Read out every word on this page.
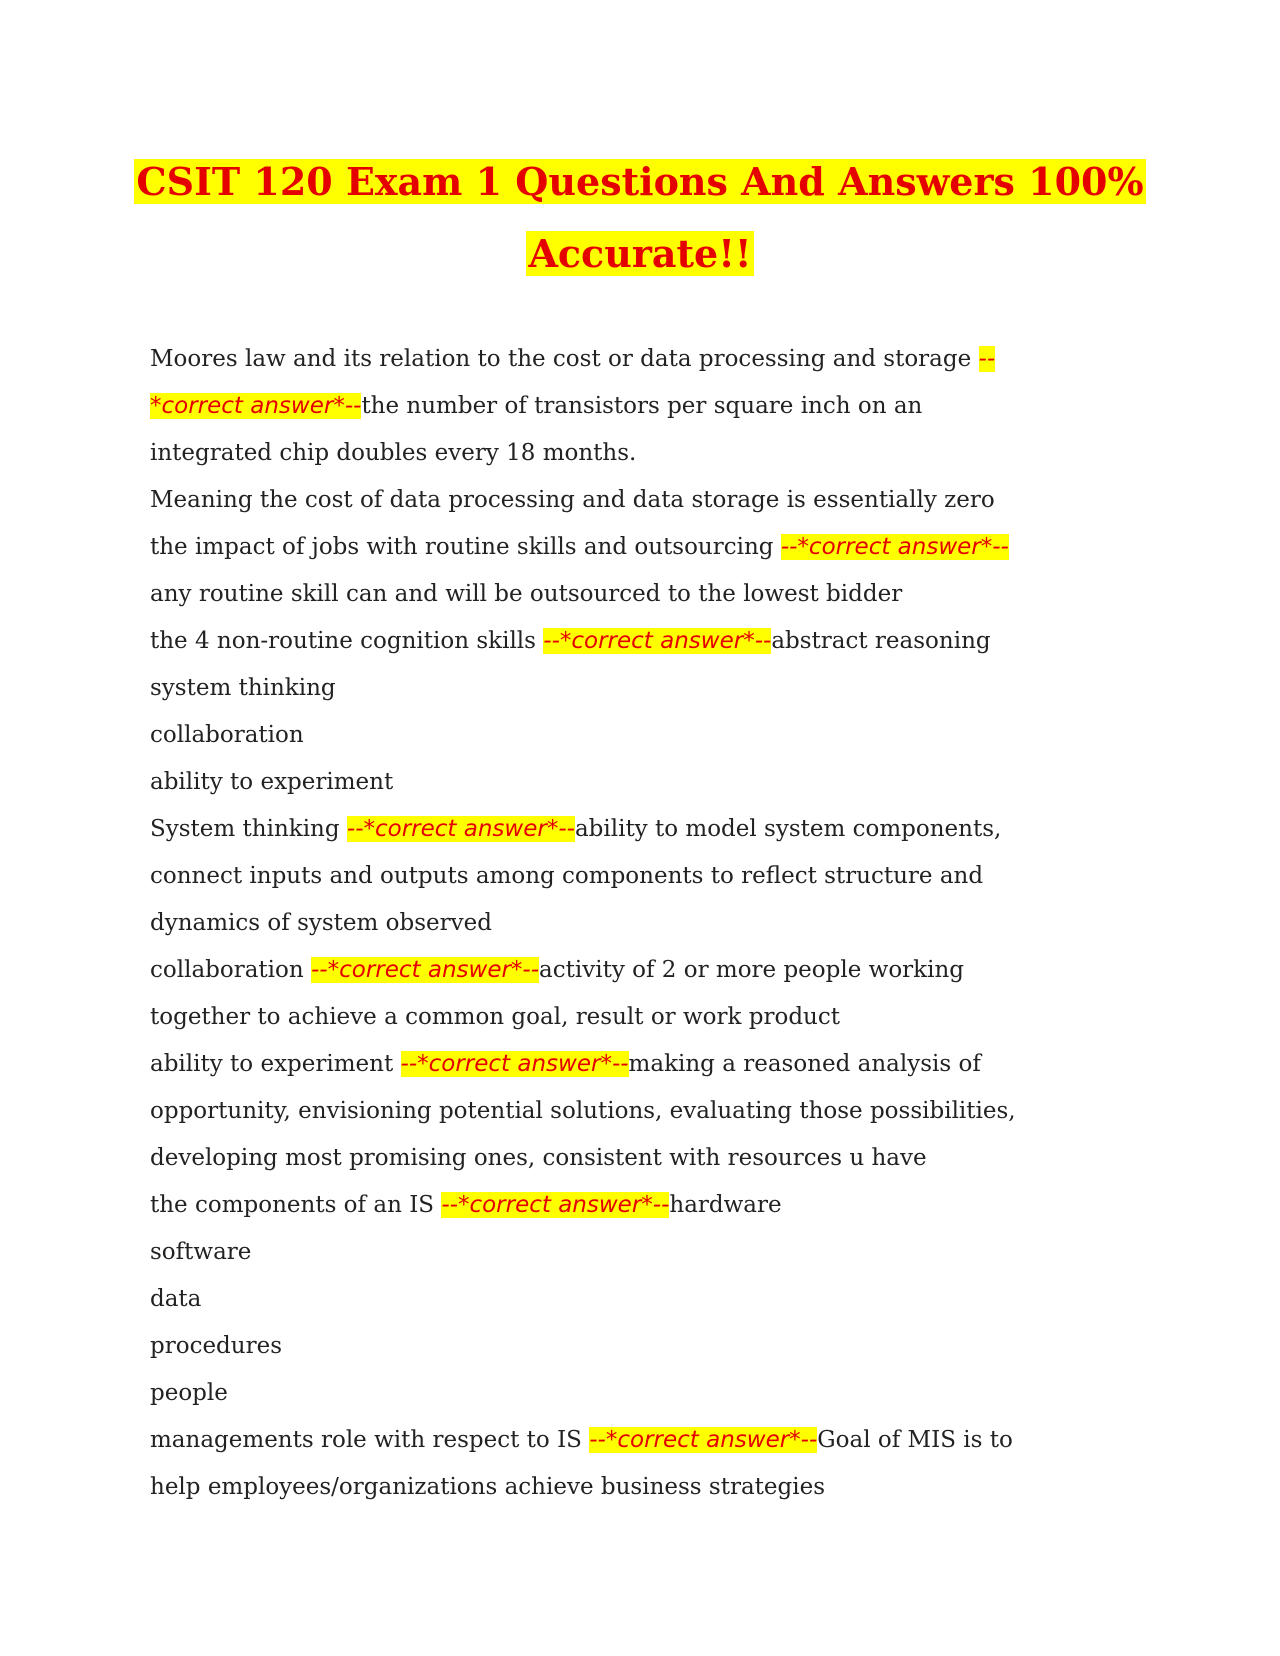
CSIT 120 Exam 1 Questions And Answers 100%
Accurate!!
Moores law and its relation to the cost or data processing and storage --
*correct answer*--the number of transistors per square inch on an
integrated chip doubles every 18 months.
Meaning the cost of data processing and data storage is essentially zero
the impact of jobs with routine skills and outsourcing --*correct answer*--
any routine skill can and will be outsourced to the lowest bidder
the 4 non-routine cognition skills --*correct answer*--abstract reasoning
system thinking
collaboration
ability to experiment
System thinking --*correct answer*--ability to model system components,
connect inputs and outputs among components to reflect structure and
dynamics of system observed
collaboration --*correct answer*--activity of 2 or more people working
together to achieve a common goal, result or work product
ability to experiment --*correct answer*--making a reasoned analysis of
opportunity, envisioning potential solutions, evaluating those possibilities,
developing most promising ones, consistent with resources u have
the components of an IS --*correct answer*--hardware
software
data
procedures
people
managements role with respect to IS --*correct answer*--Goal of MIS is to
help employees/organizations achieve business strategies
